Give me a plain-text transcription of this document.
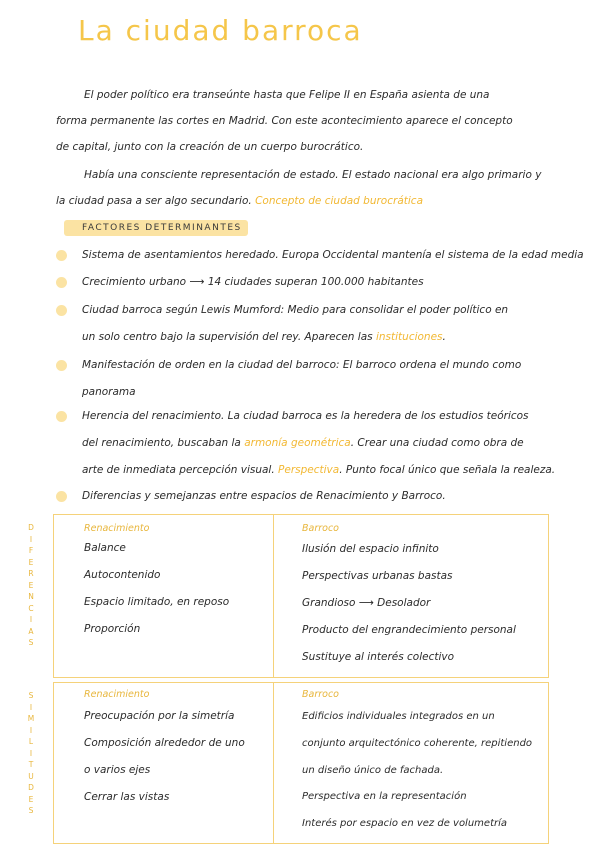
La ciudad barroca
El poder político era transeúnte hasta que Felipe II en España asienta de una
forma permanente las cortes en Madrid. Con este acontecimiento aparece el concepto
de capital, junto con la creación de un cuerpo burocrático.
Había una consciente representación de estado. El estado nacional era algo primario y
la ciudad pasa a ser algo secundario. Concepto de ciudad burocrática
FACTORES DETERMINANTES
Sistema de asentamientos heredado. Europa Occidental mantenía el sistema de la edad media
Crecimiento urbano ⟶ 14 ciudades superan 100.000 habitantes
Ciudad barroca según Lewis Mumford: Medio para consolidar el poder político en
un solo centro bajo la supervisión del rey. Aparecen las instituciones.
Manifestación de orden en la ciudad del barroco: El barroco ordena el mundo como
panorama
Herencia del renacimiento. La ciudad barroca es la heredera de los estudios teóricos
del renacimiento, buscaban la armonía geométrica. Crear una ciudad como obra de
arte de inmediata percepción visual. Perspectiva. Punto focal único que señala la realeza.
Diferencias y semejanzas entre espacios de Renacimiento y Barroco.
D
I
F
E
R
E
N
C
I
A
S
S
I
M
I
L
I
T
U
D
E
S
Renacimiento	Barroco
Balance
Autocontenido
Espacio limitado, en reposo
Proporción
Ilusión del espacio infinito
Perspectivas urbanas bastas
Grandioso ⟶ Desolador
Producto del engrandecimiento personal
Sustituye al interés colectivo
Renacimiento	Barroco
Preocupación por la simetría
Composición alrededor de uno
o varios ejes
Cerrar las vistas
Edificios individuales integrados en un
conjunto arquitectónico coherente, repitiendo
un diseño único de fachada.
Perspectiva en la representación
Interés por espacio en vez de volumetría
